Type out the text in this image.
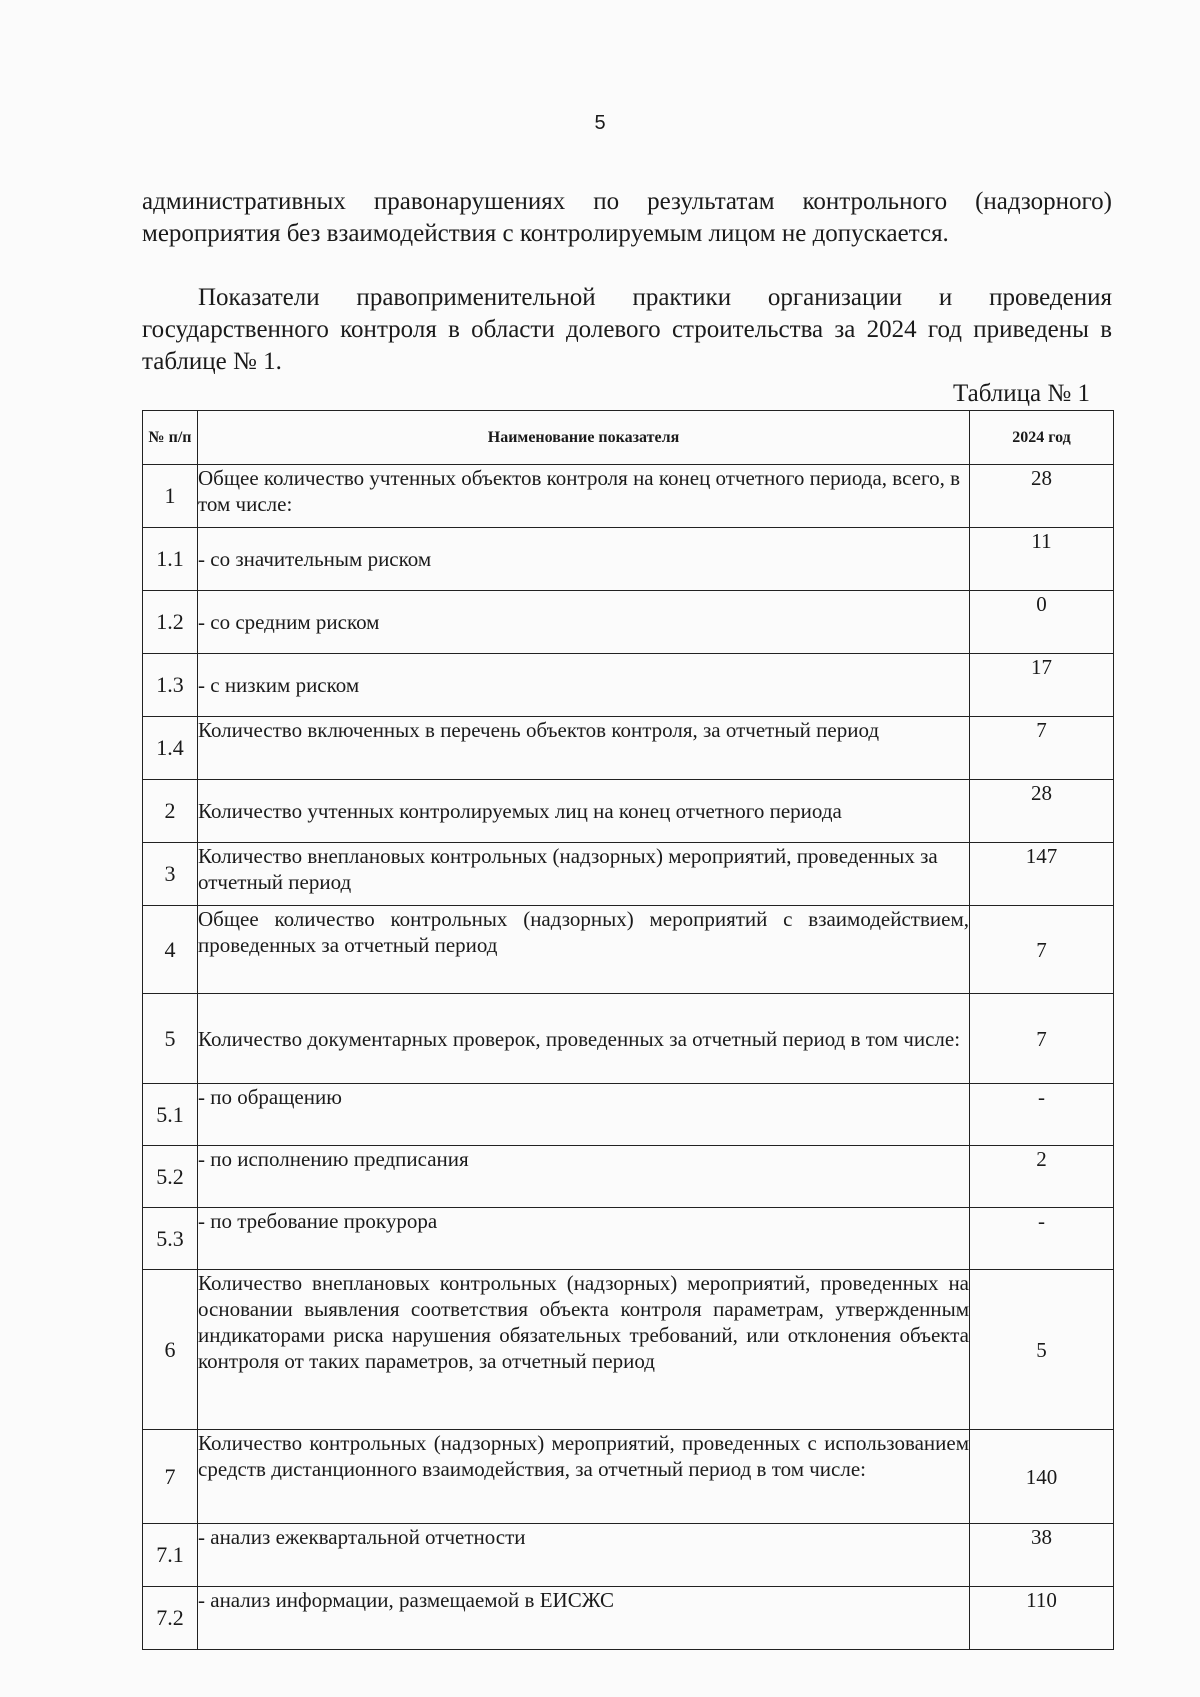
5
административных правонарушениях по результатам контрольного (надзорного) мероприятия без взаимодействия с контролируемым лицом не допускается.
Показатели правоприменительной практики организации и проведения государственного контроля в области долевого строительства за 2024 год приведены в таблице № 1.
Таблица № 1
№ п/п	Наименование показателя	2024 год
1	Общее количество учтенных объектов контроля на конец отчетного периода, всего, в том числе:	28
1.1	- со значительным риском	11
1.2	- со средним риском	0
1.3	- с низким риском	17
1.4	Количество включенных в перечень объектов контроля, за отчетный период	7
2	Количество учтенных контролируемых лиц на конец отчетного периода	28
3	Количество внеплановых контрольных (надзорных) мероприятий, проведенных за отчетный период	147
4	Общее количество контрольных (надзорных) мероприятий с взаимодействием, проведенных за отчетный период	7
5	Количество документарных проверок, проведенных за отчетный период в том числе:	7
5.1	- по обращению	-
5.2	- по исполнению предписания	2
5.3	- по требование прокурора	-
6	Количество внеплановых контрольных (надзорных) мероприятий, проведенных на основании выявления соответствия объекта контроля параметрам, утвержденным индикаторами риска нарушения обязательных требований, или отклонения объекта контроля от таких параметров, за отчетный период	5
7	Количество контрольных (надзорных) мероприятий, проведенных с использованием средств дистанционного взаимодействия, за отчетный период в том числе:	140
7.1	- анализ ежеквартальной отчетности	38
7.2	- анализ информации, размещаемой в ЕИСЖС	110
